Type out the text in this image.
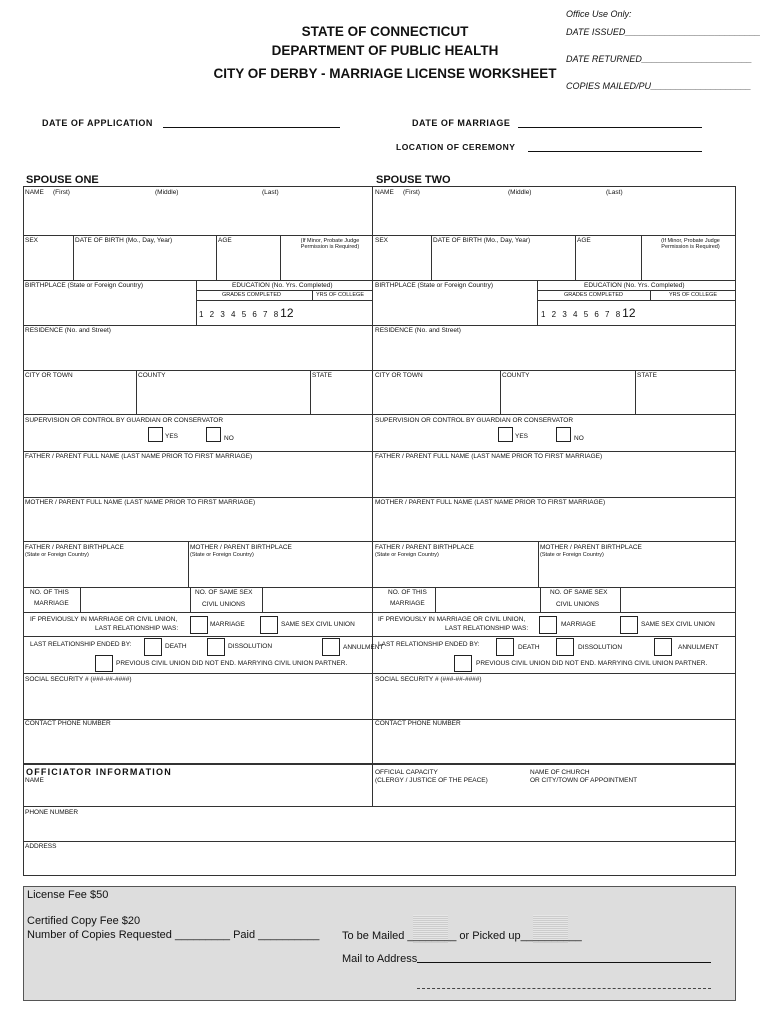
Office Use Only:
DATE ISSUED___________________________
DATE RETURNED______________________
COPIES MAILED/PU____________________
STATE OF CONNECTICUT
DEPARTMENT OF PUBLIC HEALTH
CITY OF DERBY - MARRIAGE LICENSE WORKSHEET
DATE OF APPLICATION	DATE OF MARRIAGE
LOCATION OF CEREMONY
SPOUSE ONE	SPOUSE TWO
NAME (First)	(Middle)	(Last)
SEX	DATE OF BIRTH (Mo., Day, Year)	AGE	(If Minor, Probate Judge Permission is Required)
BIRTHPLACE (State or Foreign Country)	EDUCATION (No. Yrs. Completed)
GRADES COMPLETED	YRS OF COLLEGE
1 2 3 4 5 6 7 812
RESIDENCE (No. and Street)
CITY OR TOWN	COUNTY	STATE
SUPERVISION OR CONTROL BY GUARDIAN OR CONSERVATOR
YES	NO
FATHER / PARENT FULL NAME (LAST NAME PRIOR TO FIRST MARRIAGE)
MOTHER / PARENT FULL NAME (LAST NAME PRIOR TO FIRST MARRIAGE)
FATHER / PARENT BIRTHPLACE
(State or Foreign Country)
MOTHER / PARENT BIRTHPLACE
(State or Foreign Country)
NO. OF THIS
MARRIAGE
NO. OF SAME SEX
CIVIL UNIONS
IF PREVIOUSLY IN MARRIAGE OR CIVIL UNION,
LAST RELATIONSHIP WAS:
MARRIAGE	SAME SEX CIVIL UNION
LAST RELATIONSHIP ENDED BY:	DEATH	DISSOLUTION	ANNULMENT
PREVIOUS CIVIL UNION DID NOT END. MARRYING CIVIL UNION PARTNER.
SOCIAL SECURITY # (###-##-####)
CONTACT PHONE NUMBER
NAME (First)	(Middle)	(Last)
SEX	DATE OF BIRTH (Mo., Day, Year)	AGE	(If Minor, Probate Judge Permission is Required)
BIRTHPLACE (State or Foreign Country)	EDUCATION (No. Yrs. Completed)
GRADES COMPLETED	YRS OF COLLEGE
1 2 3 4 5 6 7 812
RESIDENCE (No. and Street)
CITY OR TOWN	COUNTY	STATE
SUPERVISION OR CONTROL BY GUARDIAN OR CONSERVATOR
YES	NO
FATHER / PARENT FULL NAME (LAST NAME PRIOR TO FIRST MARRIAGE)
MOTHER / PARENT FULL NAME (LAST NAME PRIOR TO FIRST MARRIAGE)
FATHER / PARENT BIRTHPLACE
(State or Foreign Country)
MOTHER / PARENT BIRTHPLACE
(State or Foreign Country)
NO. OF THIS
MARRIAGE
NO. OF SAME SEX
CIVIL UNIONS
IF PREVIOUSLY IN MARRIAGE OR CIVIL UNION,
LAST RELATIONSHIP WAS:
MARRIAGE	SAME SEX CIVIL UNION
LAST RELATIONSHIP ENDED BY:	DEATH	DISSOLUTION	ANNULMENT
PREVIOUS CIVIL UNION DID NOT END. MARRYING CIVIL UNION PARTNER.
SOCIAL SECURITY # (###-##-####)
CONTACT PHONE NUMBER
OFFICIATOR INFORMATION
NAME
OFFICIAL CAPACITY
(CLERGY / JUSTICE OF THE PEACE)
NAME OF CHURCH
OR CITY/TOWN OF APPOINTMENT
PHONE NUMBER
ADDRESS
License Fee $50
Certified Copy Fee $20
Number of Copies Requested _________ Paid __________ To be Mailed ________ or Picked up__________
Mail to Address
